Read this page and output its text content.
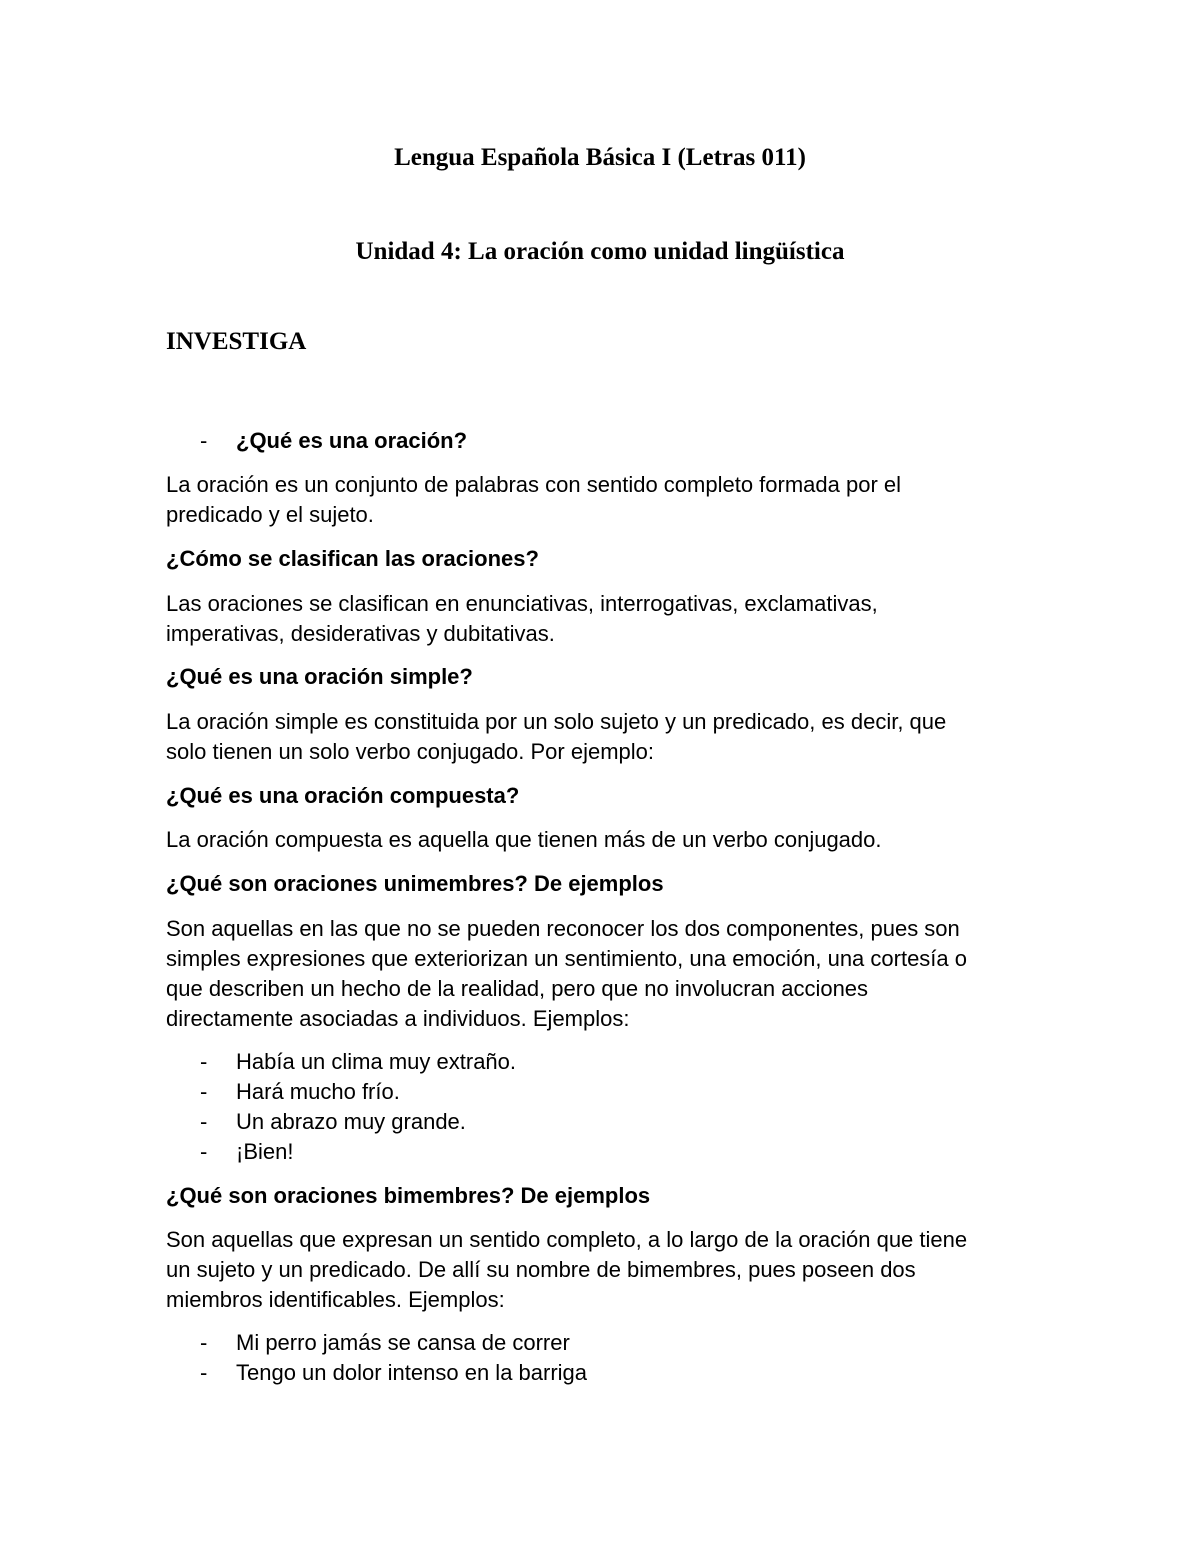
Lengua Española Básica I (Letras 011)
Unidad 4: La oración como unidad lingüística
INVESTIGA
- ¿Qué es una oración?
La oración es un conjunto de palabras con sentido completo formada por el
predicado y el sujeto.
¿Cómo se clasifican las oraciones?
Las oraciones se clasifican en enunciativas, interrogativas, exclamativas,
imperativas, desiderativas y dubitativas.
¿Qué es una oración simple?
La oración simple es constituida por un solo sujeto y un predicado, es decir, que
solo tienen un solo verbo conjugado. Por ejemplo:
¿Qué es una oración compuesta?
La oración compuesta es aquella que tienen más de un verbo conjugado.
¿Qué son oraciones unimembres? De ejemplos
Son aquellas en las que no se pueden reconocer los dos componentes, pues son
simples expresiones que exteriorizan un sentimiento, una emoción, una cortesía o
que describen un hecho de la realidad, pero que no involucran acciones
directamente asociadas a individuos. Ejemplos:
- Había un clima muy extraño.
- Hará mucho frío.
- Un abrazo muy grande.
- ¡Bien!
¿Qué son oraciones bimembres? De ejemplos
Son aquellas que expresan un sentido completo, a lo largo de la oración que tiene
un sujeto y un predicado. De allí su nombre de bimembres, pues poseen dos
miembros identificables. Ejemplos:
- Mi perro jamás se cansa de correr
- Tengo un dolor intenso en la barriga
